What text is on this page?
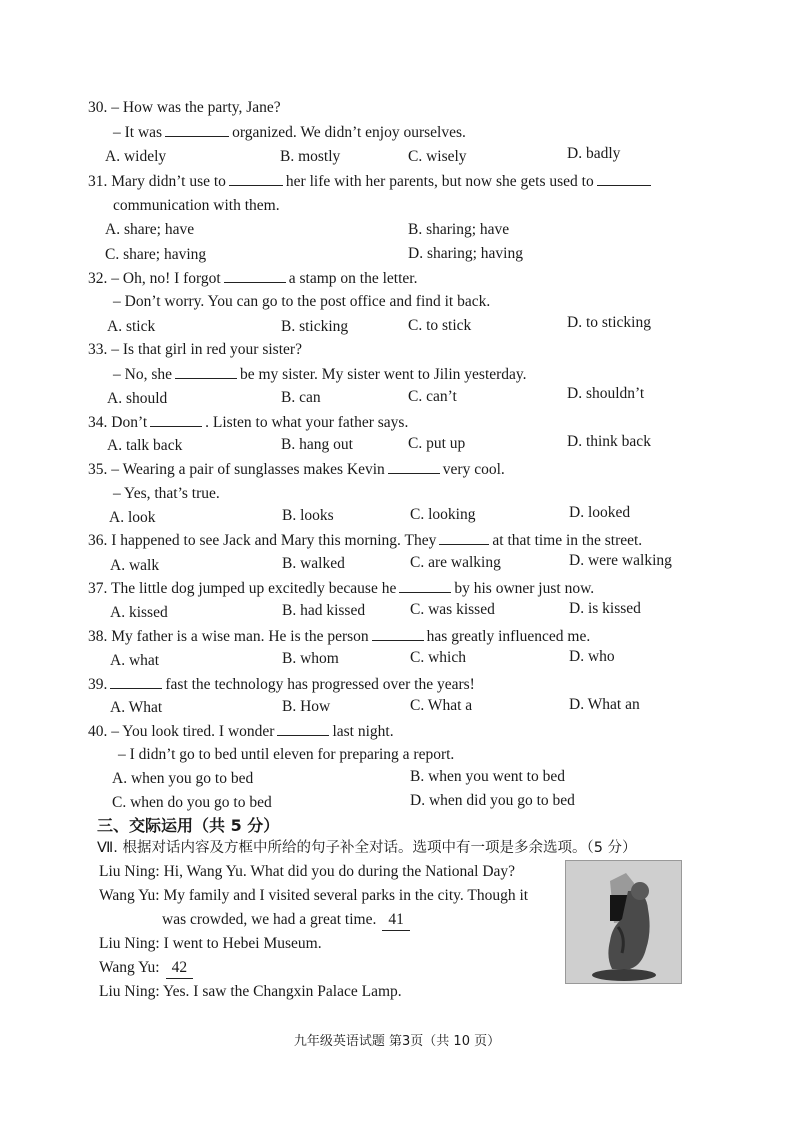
30. – How was the party, Jane?
– It was	organized. We didn’t enjoy ourselves.
A. widely	B. mostly	C. wisely	D. badly
31. Mary didn’t use to	her life with her parents, but now she gets used to
communication with them.
A. share; have	B. sharing; have
C. share; having	D. sharing; having
32. – Oh, no! I forgot	a stamp on the letter.
– Don’t worry. You can go to the post office and find it back.
A. stick	B. sticking	C. to stick	D. to sticking
33. – Is that girl in red your sister?
– No, she	be my sister. My sister went to Jilin yesterday.
A. should	B. can	C. can’t	D. shouldn’t
34. Don’t	. Listen to what your father says.
A. talk back	B. hang out	C. put up	D. think back
35. – Wearing a pair of sunglasses makes Kevin	very cool.
– Yes, that’s true.
A. look	B. looks	C. looking	D. looked
36. I happened to see Jack and Mary this morning. They	at that time in the street.
A. walk	B. walked	C. are walking	D. were walking
37. The little dog jumped up excitedly because he	by his owner just now.
A. kissed	B. had kissed	C. was kissed	D. is kissed
38. My father is a wise man. He is the person	has greatly influenced me.
A. what	B. whom	C. which	D. who
39.	fast the technology has progressed over the years!
A. What	B. How	C. What a	D. What an
40. – You look tired. I wonder	last night.
– I didn’t go to bed until eleven for preparing a report.
A. when you go to bed	B. when you went to bed
C. when do you go to bed	D. when did you go to bed
三、交际运用（共 5 分）
Ⅶ. 根据对话内容及方框中所给的句子补全对话。选项中有一项是多余选项。（5 分）
Liu Ning: Hi, Wang Yu. What did you do during the National Day?
Wang Yu: My family and I visited several parks in the city. Though it
was crowded, we had a great time. 41
Liu Ning: I went to Hebei Museum.
Wang Yu: 42
Liu Ning: Yes. I saw the Changxin Palace Lamp.
九年级英语试题 第3页（共 10 页）
